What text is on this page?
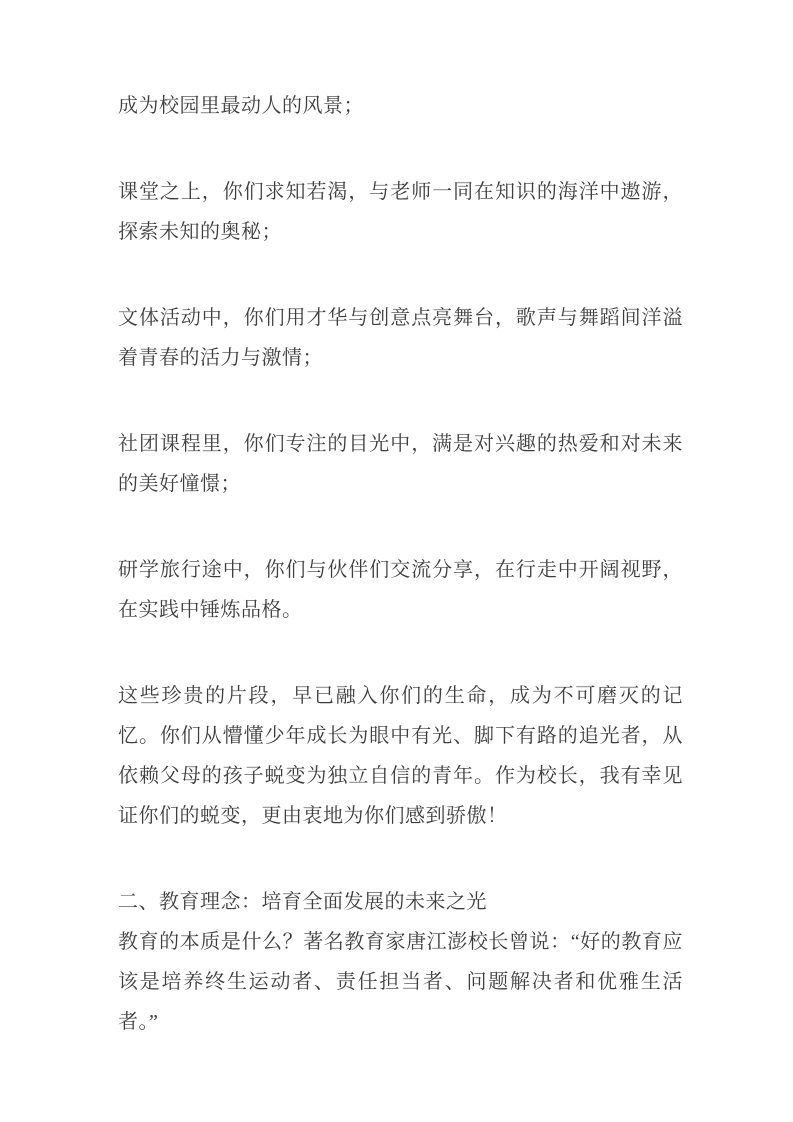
成为校园里最动人的风景；

课堂之上，你们求知若渴，与老师一同在知识的海洋中遨游，探索未知的奥秘；

文体活动中，你们用才华与创意点亮舞台，歌声与舞蹈间洋溢着青春的活力与激情；

社团课程里，你们专注的目光中，满是对兴趣的热爱和对未来的美好憧憬；

研学旅行途中，你们与伙伴们交流分享，在行走中开阔视野，在实践中锤炼品格。

这些珍贵的片段，早已融入你们的生命，成为不可磨灭的记忆。你们从懵懂少年成长为眼中有光、脚下有路的追光者，从依赖父母的孩子蜕变为独立自信的青年。作为校长，我有幸见证你们的蜕变，更由衷地为你们感到骄傲！

二、教育理念：培育全面发展的未来之光

教育的本质是什么？著名教育家唐江澎校长曾说：“好的教育应该是培养终生运动者、责任担当者、问题解决者和优雅生活者。”
